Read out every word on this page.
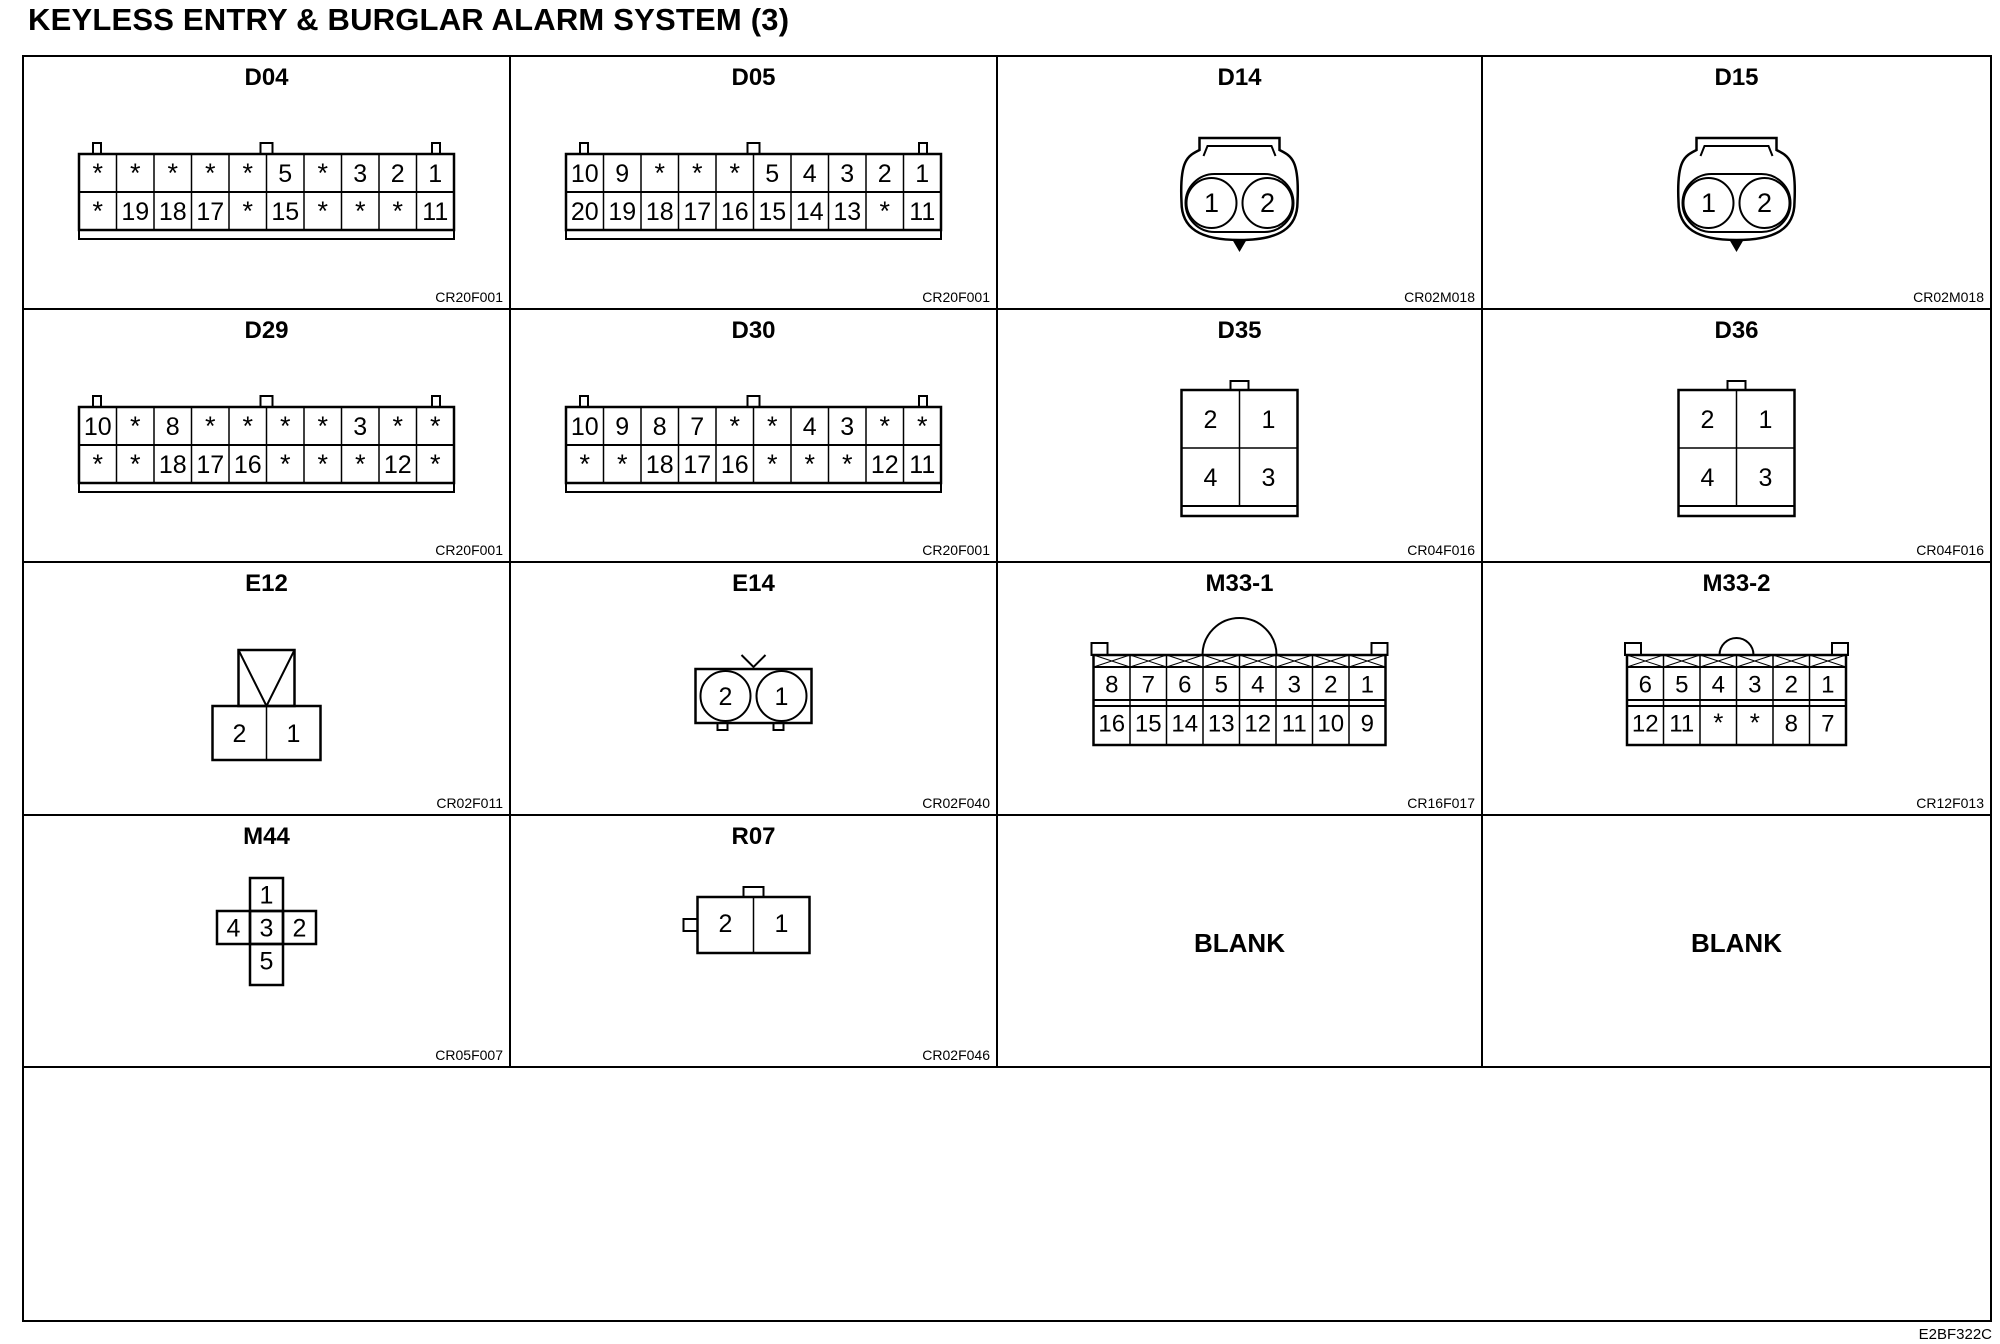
KEYLESS ENTRY & BURGLAR ALARM SYSTEM (3)
D04
* * * * * 5 * 3 2 1
* 19 18 17 * 15 * * * 11
CR20F001
D05
10 9 * * * 5 4 3 2 1
20 19 18 17 16 15 14 13 * 11
CR20F001
D14
1 2
CR02M018
D15
1 2
CR02M018
D29
10 * 8 * * * * 3 * *
* * 18 17 16 * * * 12 *
CR20F001
D30
10 9 8 7 * * 4 3 * *
* * 18 17 16 * * * 12 11
CR20F001
D35
2 1
4 3
CR04F016
D36
2 1
4 3
CR04F016
E12
2 1
CR02F011
E14
2 1
CR02F040
M33-1
8 7 6 5 4 3 2 1
16 15 14 13 12 11 10 9
CR16F017
M33-2
6 5 4 3 2 1
12 11 * * 8 7
CR12F013
M44
1
4 3 2
5
CR05F007
R07
2 1
CR02F046
BLANK	BLANK
E2BF322C
